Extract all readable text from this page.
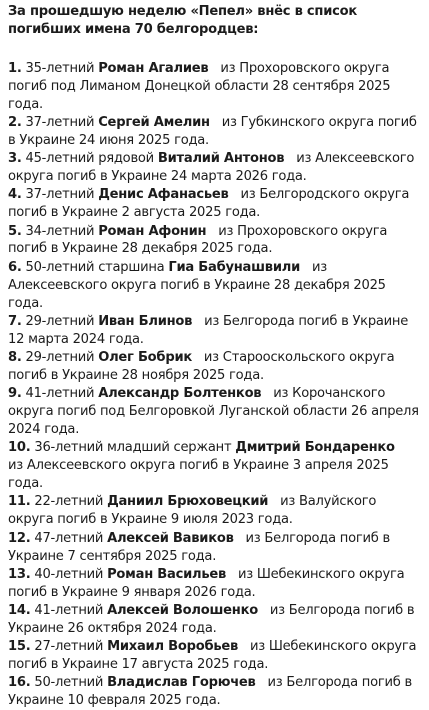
За прошедшую неделю «Пепел» внёс в список погибших имена 70 белгородцев:
1. 35-летний Роман Агалиев из Прохоровского округа погиб под Лиманом Донецкой области 28 сентября 2025 года.
2. 37-летний Сергей Амелин из Губкинского округа погиб в Украине 24 июня 2025 года.
3. 45-летний рядовой Виталий Антонов из Алексеевского округа погиб в Украине 24 марта 2026 года.
4. 37-летний Денис Афанасьев из Белгородского округа погиб в Украине 2 августа 2025 года.
5. 34-летний Роман Афонин из Прохоровского округа погиб в Украине 28 декабря 2025 года.
6. 50-летний старшина Гиа Бабунашвили из Алексеевского округа погиб в Украине 28 декабря 2025 года.
7. 29-летний Иван Блинов из Белгорода погиб в Украине 12 марта 2024 года.
8. 29-летний Олег Бобрик из Старооскольского округа погиб в Украине 28 ноября 2025 года.
9. 41-летний Александр Болтенков из Корочанского округа погиб под Белгоровкой Луганской области 26 апреля 2024 года.
10. 36-летний младший сержант Дмитрий Бондаренко из Алексеевского округа погиб в Украине 3 апреля 2025 года.
11. 22-летний Даниил Брюховецкий из Валуйского округа погиб в Украине 9 июля 2023 года.
12. 47-летний Алексей Вавиков из Белгорода погиб в Украине 7 сентября 2025 года.
13. 40-летний Роман Васильев из Шебекинского округа погиб в Украине 9 января 2026 года.
14. 41-летний Алексей Волошенко из Белгорода погиб в Украине 26 октября 2024 года.
15. 27-летний Михаил Воробьев из Шебекинского округа погиб в Украине 17 августа 2025 года.
16. 50-летний Владислав Горючев из Белгорода погиб в Украине 10 февраля 2025 года.
